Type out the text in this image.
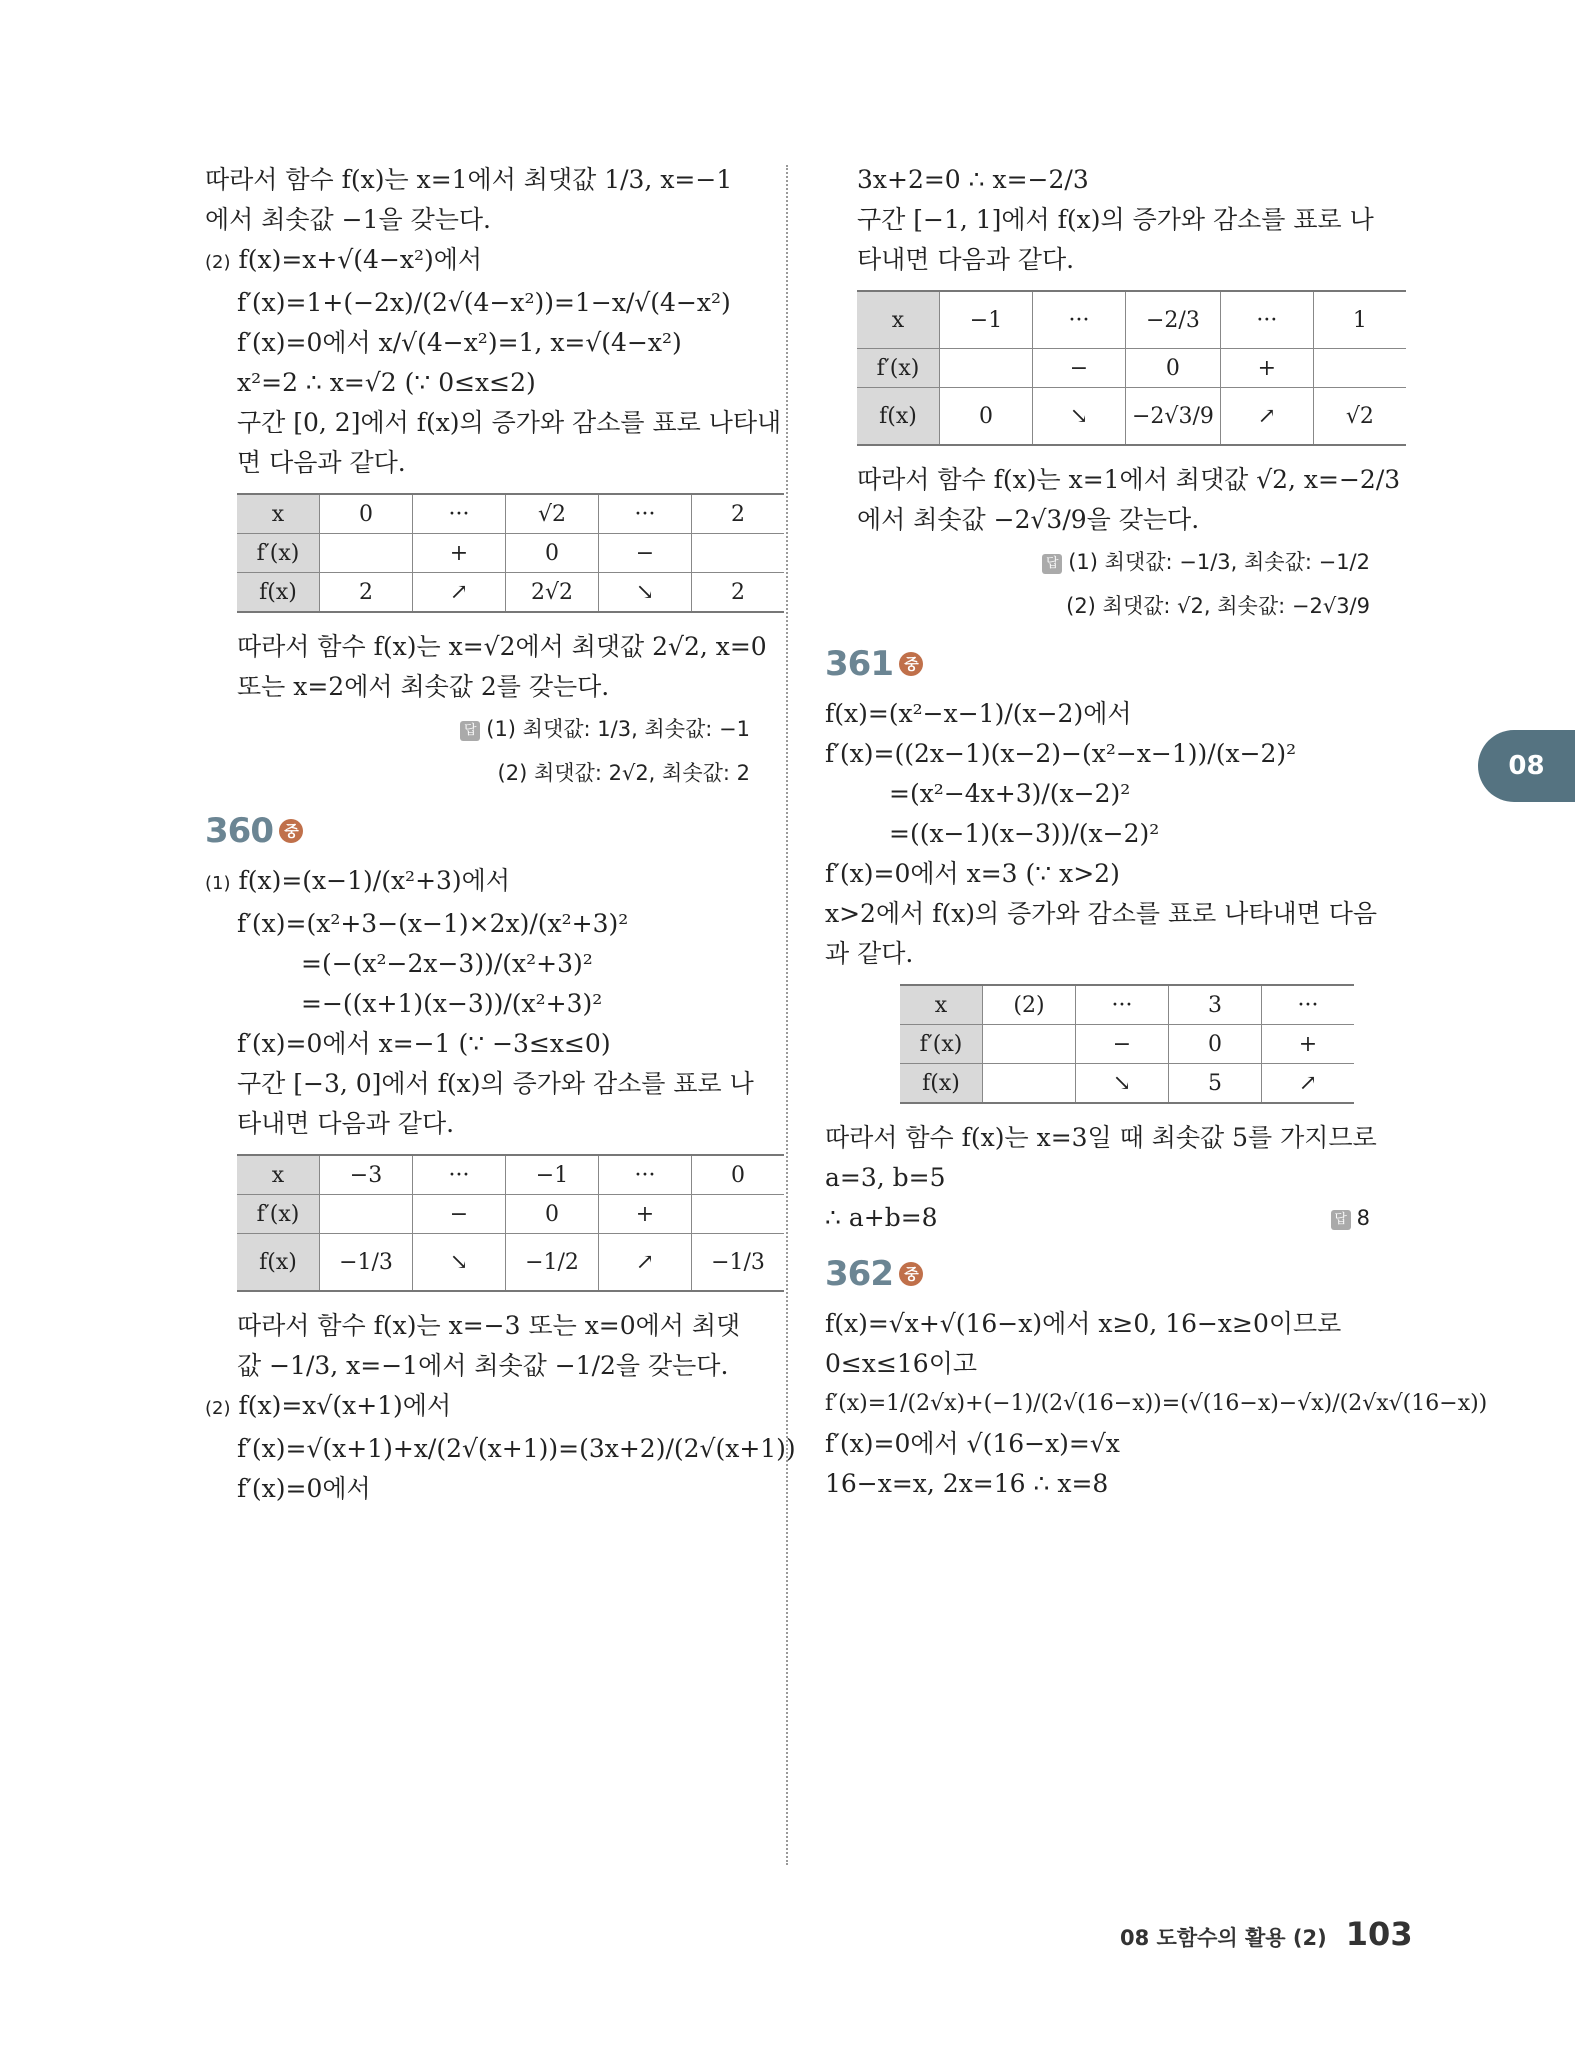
따라서 함수 f(x)는 x=1에서 최댓값 1/3, x=−1
에서 최솟값 −1을 갖는다.
(2) f(x)=x+√(4−x²)에서
f′(x)=1+(−2x)/(2√(4−x²))=1−x/√(4−x²)
f′(x)=0에서 x/√(4−x²)=1, x=√(4−x²)
x²=2 ∴ x=√2 (∵ 0≤x≤2)
구간 [0, 2]에서 f(x)의 증가와 감소를 표로 나타내
면 다음과 같다.
x	0	···	√2	···	2
f′(x)		+	0	−	
f(x)	2	↗	2√2	↘	2
따라서 함수 f(x)는 x=√2에서 최댓값 2√2, x=0
또는 x=2에서 최솟값 2를 갖는다.
답 (1) 최댓값: 1/3, 최솟값: −1
(2) 최댓값: 2√2, 최솟값: 2
360 중
(1) f(x)=(x−1)/(x²+3)에서
f′(x)=(x²+3−(x−1)×2x)/(x²+3)²
=(−(x²−2x−3))/(x²+3)²
=−((x+1)(x−3))/(x²+3)²
f′(x)=0에서 x=−1 (∵ −3≤x≤0)
구간 [−3, 0]에서 f(x)의 증가와 감소를 표로 나
타내면 다음과 같다.
x	−3	···	−1	···	0
f′(x)		−	0	+	
f(x)	−1/3	↘	−1/2	↗	−1/3
따라서 함수 f(x)는 x=−3 또는 x=0에서 최댓
값 −1/3, x=−1에서 최솟값 −1/2을 갖는다.
(2) f(x)=x√(x+1)에서
f′(x)=√(x+1)+x/(2√(x+1))=(3x+2)/(2√(x+1))
f′(x)=0에서
3x+2=0 ∴ x=−2/3
구간 [−1, 1]에서 f(x)의 증가와 감소를 표로 나
타내면 다음과 같다.
x	−1	···	−2/3	···	1
f′(x)		−	0	+	
f(x)	0	↘	−2√3/9	↗	√2
따라서 함수 f(x)는 x=1에서 최댓값 √2, x=−2/3
에서 최솟값 −2√3/9을 갖는다.
답 (1) 최댓값: −1/3, 최솟값: −1/2
(2) 최댓값: √2, 최솟값: −2√3/9
361 중
f(x)=(x²−x−1)/(x−2)에서
f′(x)=((2x−1)(x−2)−(x²−x−1))/(x−2)²
=(x²−4x+3)/(x−2)²
=((x−1)(x−3))/(x−2)²
f′(x)=0에서 x=3 (∵ x>2)
x>2에서 f(x)의 증가와 감소를 표로 나타내면 다음
과 같다.
x	(2)	···	3	···
f′(x)		−	0	+
f(x)		↘	5	↗
따라서 함수 f(x)는 x=3일 때 최솟값 5를 가지므로
a=3, b=5
∴ a+b=8	답 8
362 중
f(x)=√x+√(16−x)에서 x≥0, 16−x≥0이므로
0≤x≤16이고
f′(x)=1/(2√x)+(−1)/(2√(16−x))=(√(16−x)−√x)/(2√x√(16−x))
f′(x)=0에서 √(16−x)=√x
16−x=x, 2x=16 ∴ x=8
08
08 도함수의 활용 (2) 103
